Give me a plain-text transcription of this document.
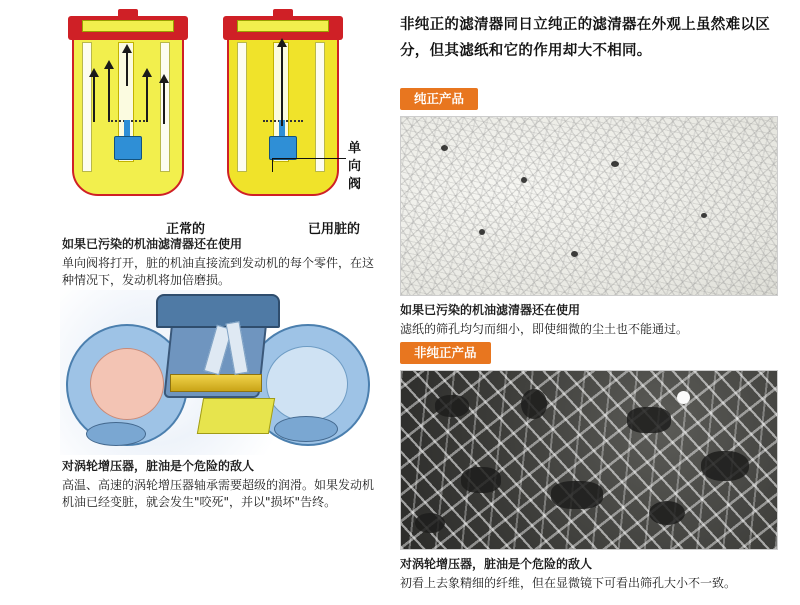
正常的	已用脏的
单向阀
如果已污染的机油滤清器还在使用
单向阀将打开，脏的机油直接流到发动机的每个零件，在这种情况下，发动机将加倍磨损。
对涡轮增压器，脏油是个危险的敌人
高温、高速的涡轮增压器轴承需要超级的润滑。如果发动机机油已经变脏，就会发生"咬死"，并以"损坏"告终。
非纯正的滤清器同日立纯正的滤清器在外观上虽然难以区分，但其滤纸和它的作用却大不相同。
纯正产品
如果已污染的机油滤清器还在使用
滤纸的筛孔均匀而细小，即使细微的尘土也不能通过。
非纯正产品
对涡轮增压器，脏油是个危险的敌人
初看上去象精细的纤维，但在显微镜下可看出筛孔大小不一致。
